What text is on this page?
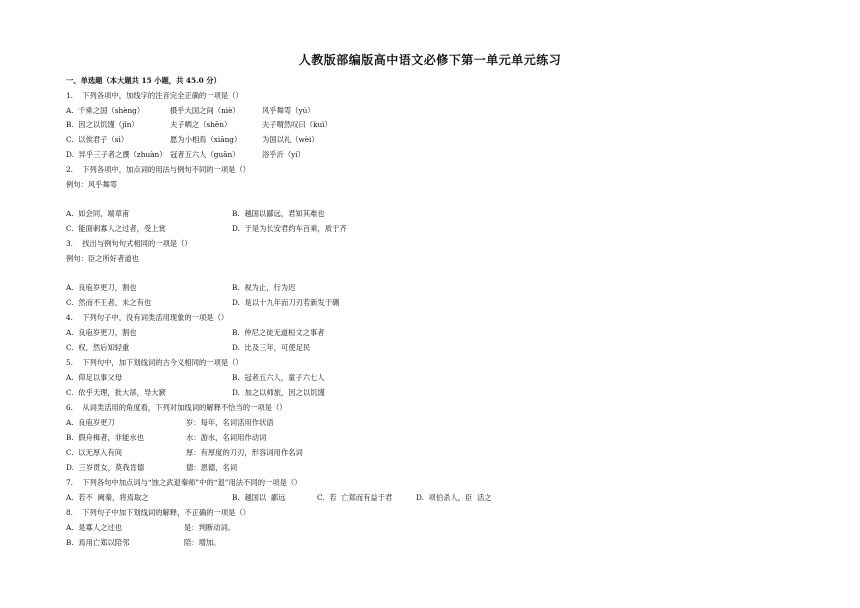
人教版部编版高中语文必修下第一单元单元练习
一、单选题（本大题共 15 小题，共 45.0 分）
1.    下列各项中，加线字的注音完全正确的一项是（）
A.  千乘之国（shèng）	摄乎大国之间（niè）	风乎舞雩（yú）
B.  因之以饥馑（jǐn）	夫子哂之（shěn）	夫子喟然叹曰（kuì）
C.  以俟君子（sì）	愿为小相焉（xiāng）	为国以礼（wèi）
D.  异乎三子者之撰（zhuàn） 冠者五六人（guān）	浴乎沂（yí）
2.    下列各项中，加点词的用法与例句不同的一项是（）
例句：风乎舞雩
A.  如会同，端章甫	B.  越国以鄙远，君知其难也
C.  能面刺寡人之过者，受上赏	D.  于是为长安君约车百乘，质于齐
3.    找出与例句句式相同的一项是（）
例句：臣之所好者道也
A.  良庖岁更刀，割也	B.  视为止，行为迟
C.  然而不王者，未之有也	D.  是以十九年而刀刃若新发于硎
4.    下列句子中，没有词类活用现象的一项是（）
A.  良庖岁更刀，割也	B.  仲尼之徒无道桓文之事者
C.  权，然后知轻重	D.  比及三年，可使足民
5.    下列句中，加下划线词的古今义相同的一项是（）
A.  仰足以事父母	B.  冠者五六人，童子六七人
C.  依乎天理，批大郤，导大窾	D.  加之以师旅，因之以饥馑
6.    从词类活用的角度看，下列对加线词的解释不恰当的一项是（）
A.  良庖岁更刀	岁：每年，名词活用作状语
B.  假舟楫者，非能水也	水：游水，名词用作动词
C.  以无厚入有间	厚：有厚度的刀刃，形容词用作名词
D.  三岁贯女，莫我肯德	德：恩德，名词
7.    下列各句中加点词与“蚀之武退秦师”中的“退”用法不同的一项是（）
A.  若不  阙秦，将焉取之	B.  越国以  鄙远	C.  若  亡郑而有益于君	D.  项伯杀人，臣  活之
8.    下列句子中加下划线词的解释，不正确的一项是（）
A.  是寡人之过也	是：判断动词。
B.  焉用亡郑以陪邻	陪：增加。
